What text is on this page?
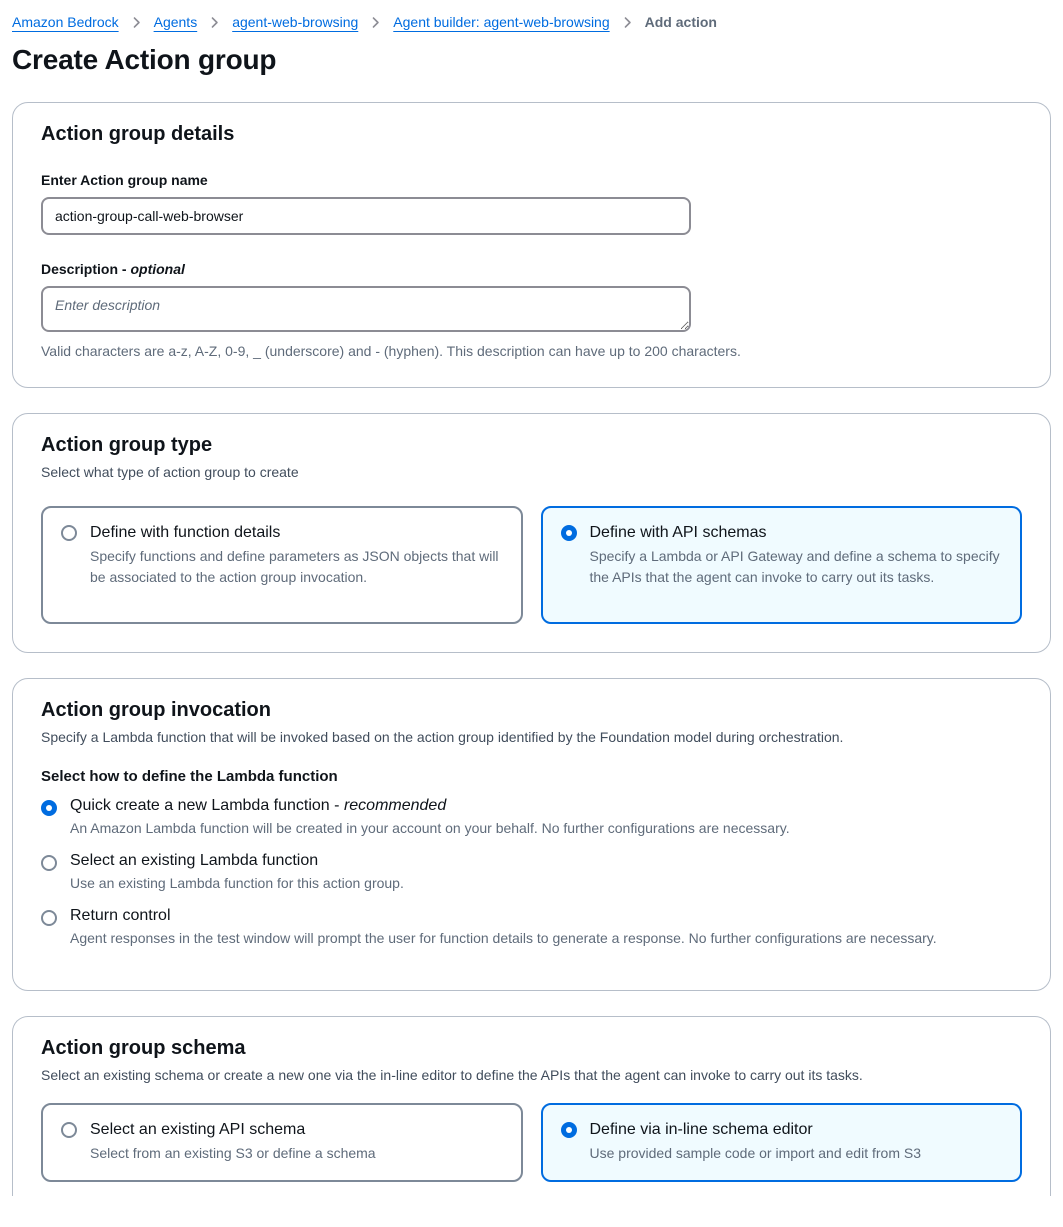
Amazon Bedrock	Agents	agent-web-browsing	Agent builder: agent-web-browsing	Add action
Create Action group
Action group details
Enter Action group name
action-group-call-web-browser
Description - optional
Enter description

Valid characters are a-z, A-Z, 0-9, _ (underscore) and - (hyphen). This description can have up to 200 characters.

Action group type

Select what type of action group to create

Define with function details

Specify functions and define parameters as JSON objects that will be associated to the action group invocation.

Define with API schemas

Specify a Lambda or API Gateway and define a schema to specify the APIs that the agent can invoke to carry out its tasks.

Action group invocation

Specify a Lambda function that will be invoked based on the action group identified by the Foundation model during orchestration.

Select how to define the Lambda function
Quick create a new Lambda function - recommended

An Amazon Lambda function will be created in your account on your behalf. No further configurations are necessary.

Select an existing Lambda function

Use an existing Lambda function for this action group.

Return control

Agent responses in the test window will prompt the user for function details to generate a response. No further configurations are necessary.

Action group schema

Select an existing schema or create a new one via the in-line editor to define the APIs that the agent can invoke to carry out its tasks.

Select an existing API schema

Select from an existing S3 or define a schema

Define via in-line schema editor

Use provided sample code or import and edit from S3
